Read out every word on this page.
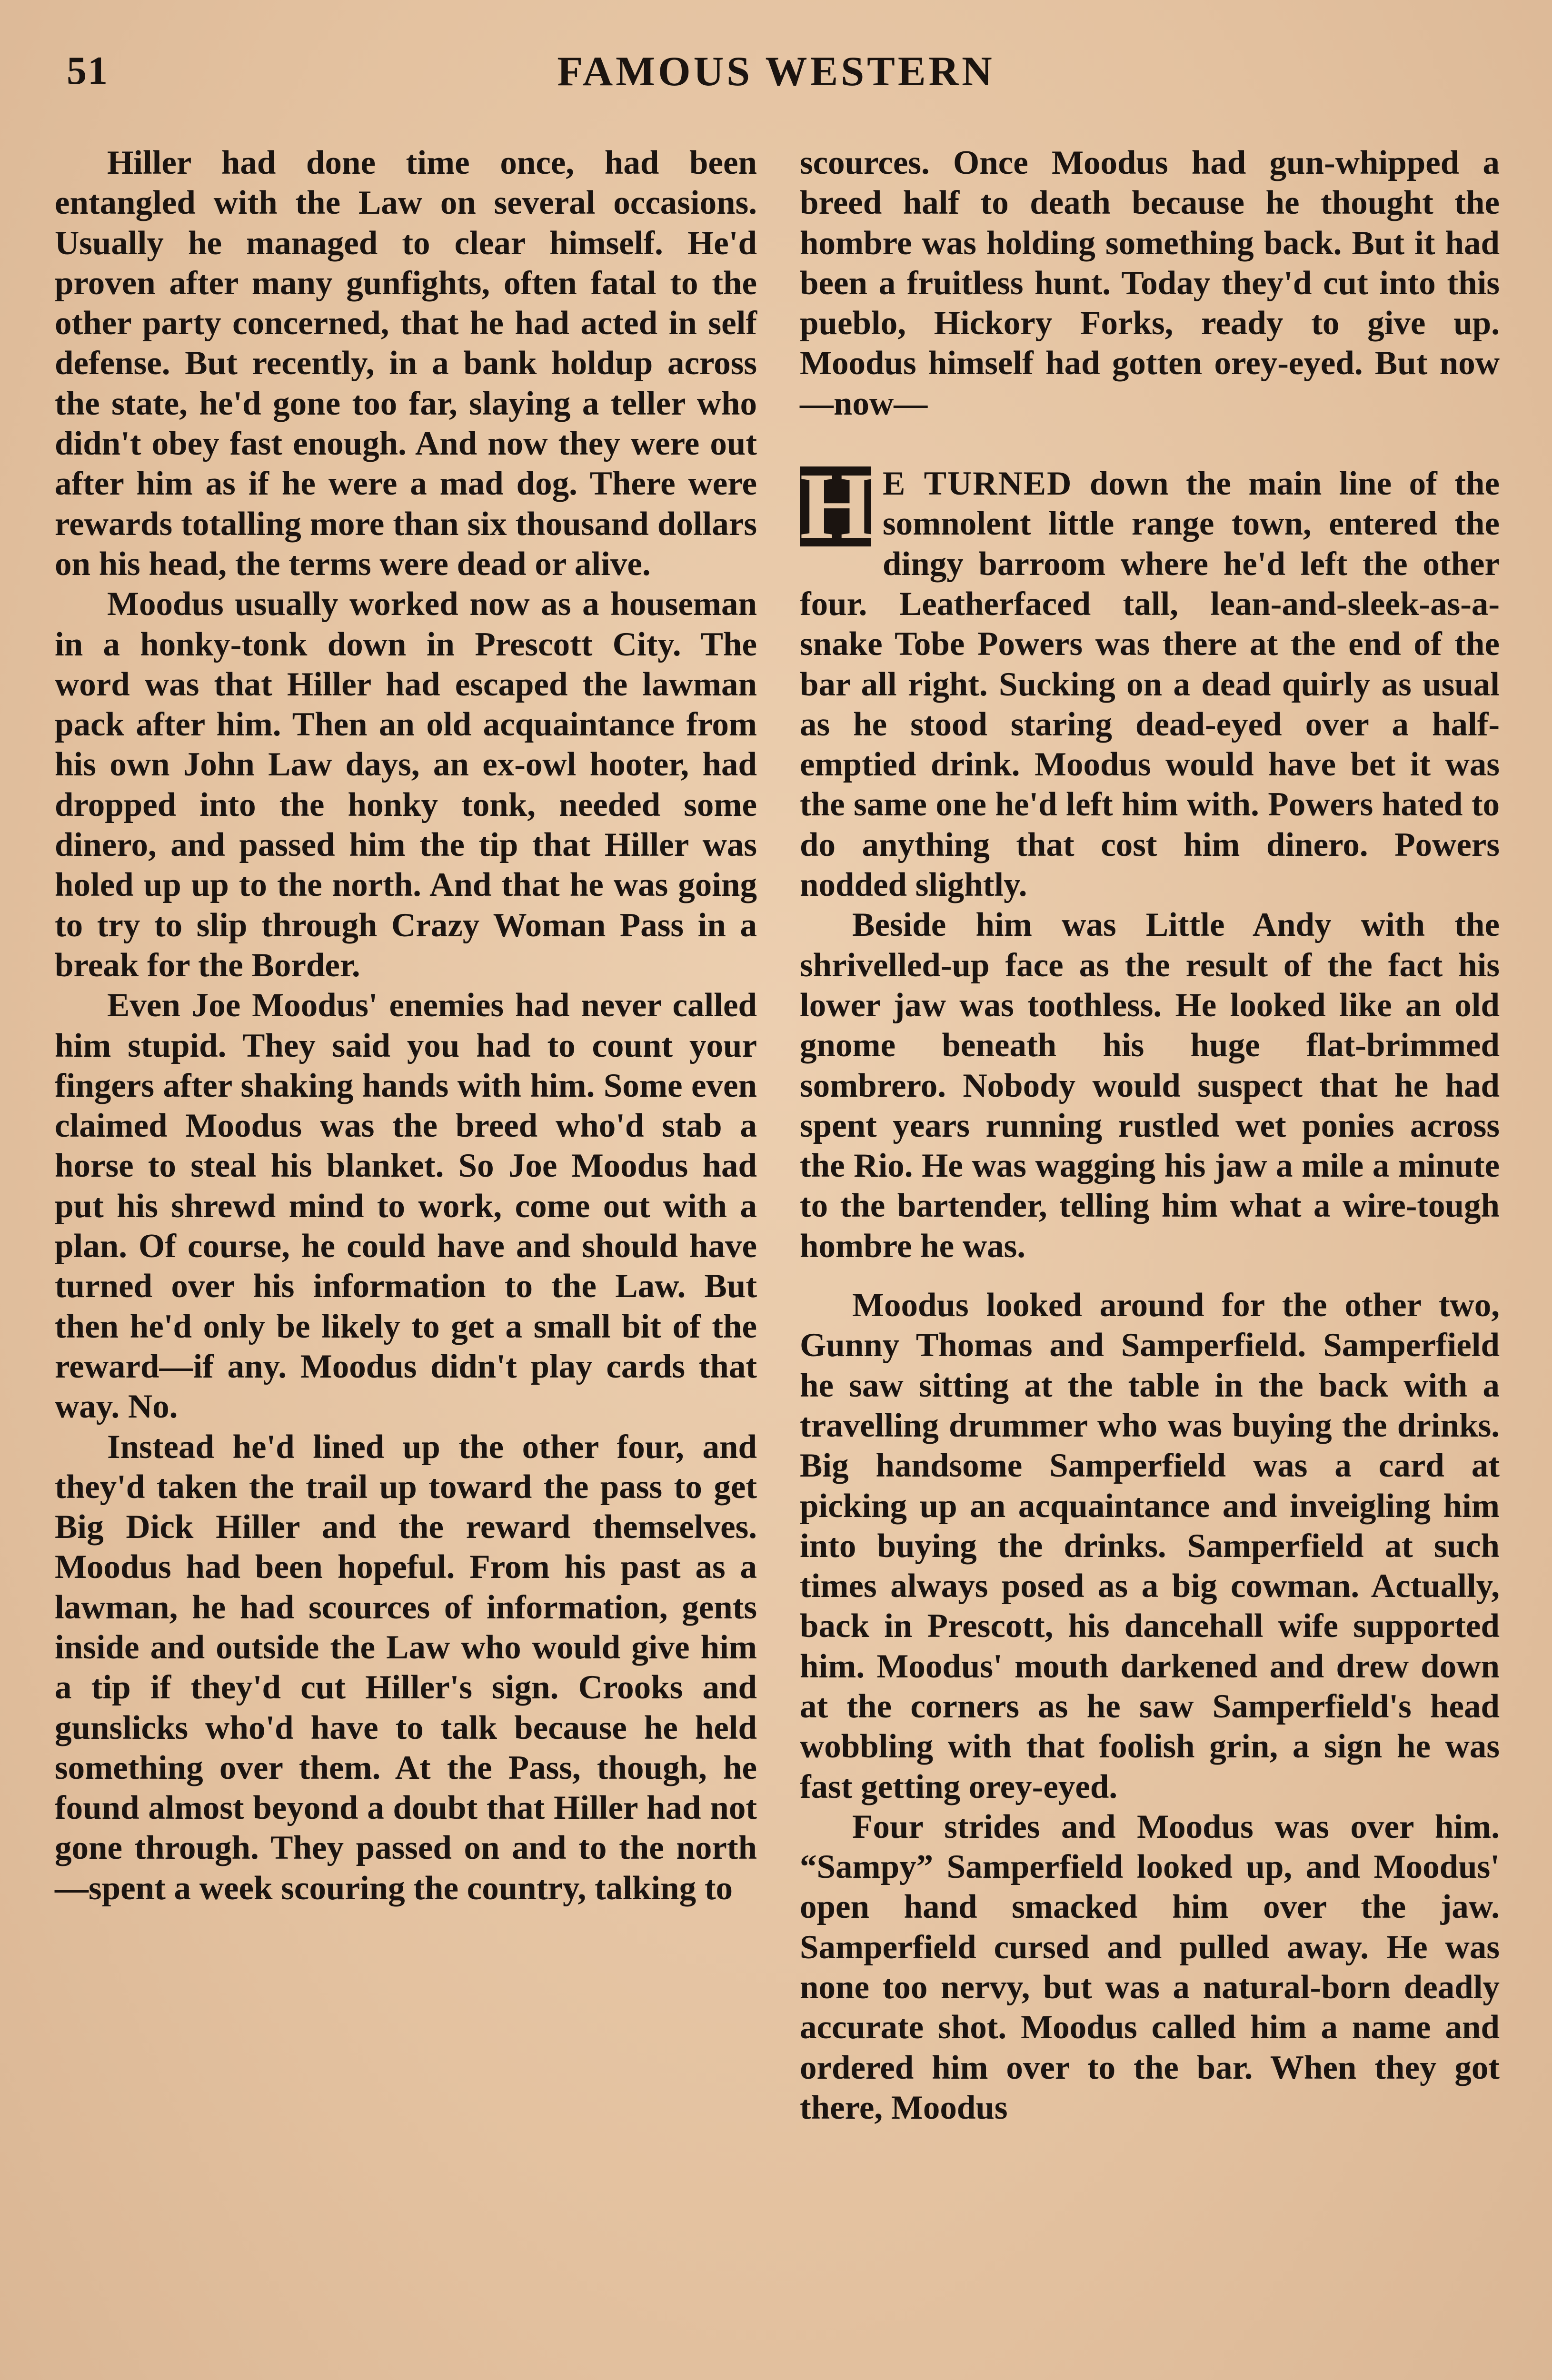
51	FAMOUS WESTERN

Hiller had done time once, had been entangled with the Law on several occasions. Usually he managed to clear himself. He'd proven after many gunfights, often fatal to the other party concerned, that he had acted in self defense. But recently, in a bank holdup across the state, he'd gone too far, slaying a teller who didn't obey fast enough. And now they were out after him as if he were a mad dog. There were rewards totalling more than six thousand dollars on his head, the terms were dead or alive.

Moodus usually worked now as a houseman in a honky-tonk down in Prescott City. The word was that Hiller had escaped the lawman pack after him. Then an old acquaintance from his own John Law days, an ex-owl hooter, had dropped into the honky tonk, needed some dinero, and passed him the tip that Hiller was holed up up to the north. And that he was going to try to slip through Crazy Woman Pass in a break for the Border.

Even Joe Moodus' enemies had never called him stupid. They said you had to count your fingers after shaking hands with him. Some even claimed Moodus was the breed who'd stab a horse to steal his blanket. So Joe Moodus had put his shrewd mind to work, come out with a plan. Of course, he could have and should have turned over his information to the Law. But then he'd only be likely to get a small bit of the reward—if any. Moodus didn't play cards that way. No.

Instead he'd lined up the other four, and they'd taken the trail up toward the pass to get Big Dick Hiller and the reward themselves. Moodus had been hopeful. From his past as a lawman, he had scources of information, gents inside and outside the Law who would give him a tip if they'd cut Hiller's sign. Crooks and gunslicks who'd have to talk because he held something over them. At the Pass, though, he found almost beyond a doubt that Hiller had not gone through. They passed on and to the north—spent a week scouring the country, talking to

scources. Once Moodus had gun-whipped a breed half to death because he thought the hombre was holding something back. But it had been a fruitless hunt. Today they'd cut into this pueblo, Hickory Forks, ready to give up. Moodus himself had gotten orey-eyed. But now—now—

H E TURNED down the main line of the somnolent little range town, entered the dingy barroom where he'd left the other four. Leatherfaced tall, lean-and-sleek-as-a-snake Tobe Powers was there at the end of the bar all right. Sucking on a dead quirly as usual as he stood staring dead-eyed over a half-emptied drink. Moodus would have bet it was the same one he'd left him with. Powers hated to do anything that cost him dinero. Powers nodded slightly.

Beside him was Little Andy with the shrivelled-up face as the result of the fact his lower jaw was toothless. He looked like an old gnome beneath his huge flat-brimmed sombrero. Nobody would suspect that he had spent years running rustled wet ponies across the Rio. He was wagging his jaw a mile a minute to the bartender, telling him what a wire-tough hombre he was.

Moodus looked around for the other two, Gunny Thomas and Samperfield. Samperfield he saw sitting at the table in the back with a travelling drummer who was buying the drinks. Big handsome Samperfield was a card at picking up an acquaintance and inveigling him into buying the drinks. Samperfield at such times always posed as a big cowman. Actually, back in Prescott, his dancehall wife supported him. Moodus' mouth darkened and drew down at the corners as he saw Samperfield's head wobbling with that foolish grin, a sign he was fast getting orey-eyed.

Four strides and Moodus was over him. “Sampy” Samperfield looked up, and Moodus' open hand smacked him over the jaw. Samperfield cursed and pulled away. He was none too nervy, but was a natural-born deadly accurate shot. Moodus called him a name and ordered him over to the bar. When they got there, Moodus
